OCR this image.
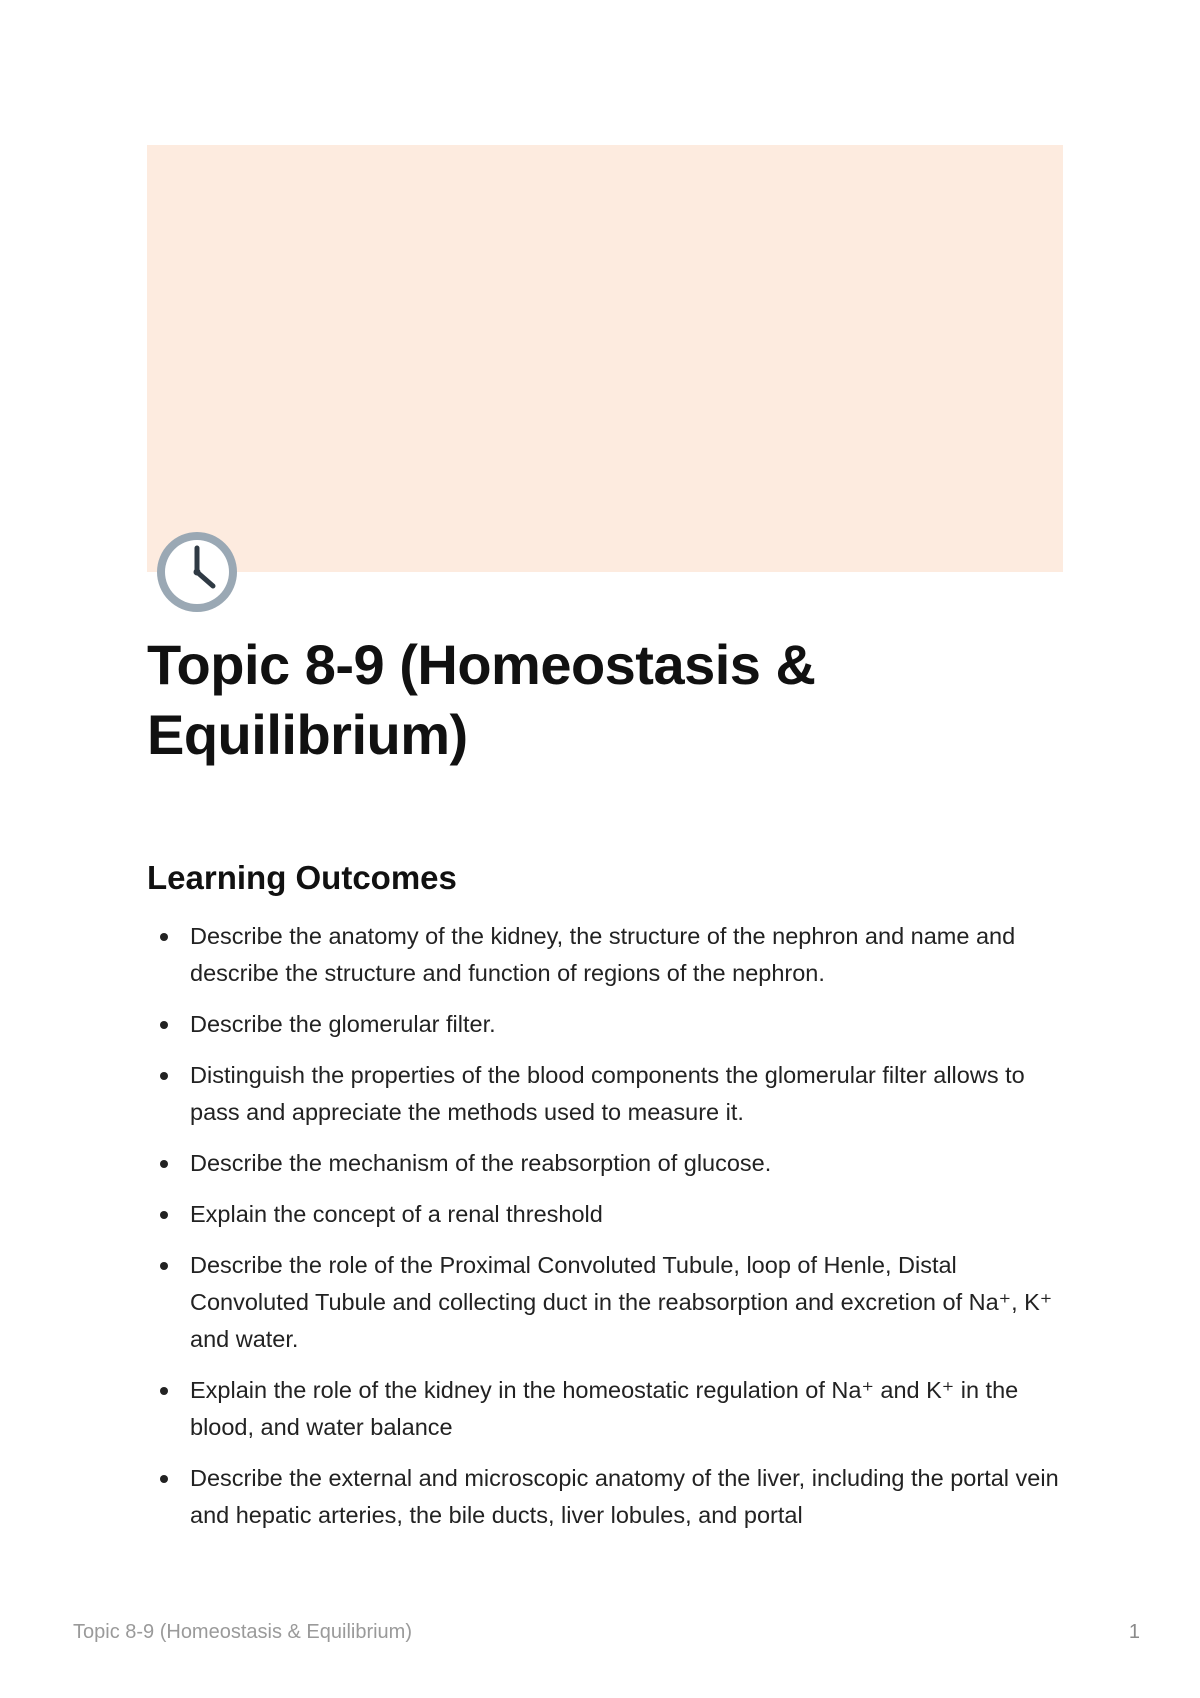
Topic 8-9 (Homeostasis & Equilibrium)
Learning Outcomes
Describe the anatomy of the kidney, the structure of the nephron and name and describe the structure and function of regions of the nephron.
Describe the glomerular filter.
Distinguish the properties of the blood components the glomerular filter allows to pass and appreciate the methods used to measure it.
Describe the mechanism of the reabsorption of glucose.
Explain the concept of a renal threshold
Describe the role of the Proximal Convoluted Tubule, loop of Henle, Distal Convoluted Tubule and collecting duct in the reabsorption and excretion of Na⁺, K⁺ and water.
Explain the role of the kidney in the homeostatic regulation of Na⁺ and K⁺ in the blood, and water balance
Describe the external and microscopic anatomy of the liver, including the portal vein and hepatic arteries, the bile ducts, liver lobules, and portal
Topic 8-9 (Homeostasis & Equilibrium)	1
